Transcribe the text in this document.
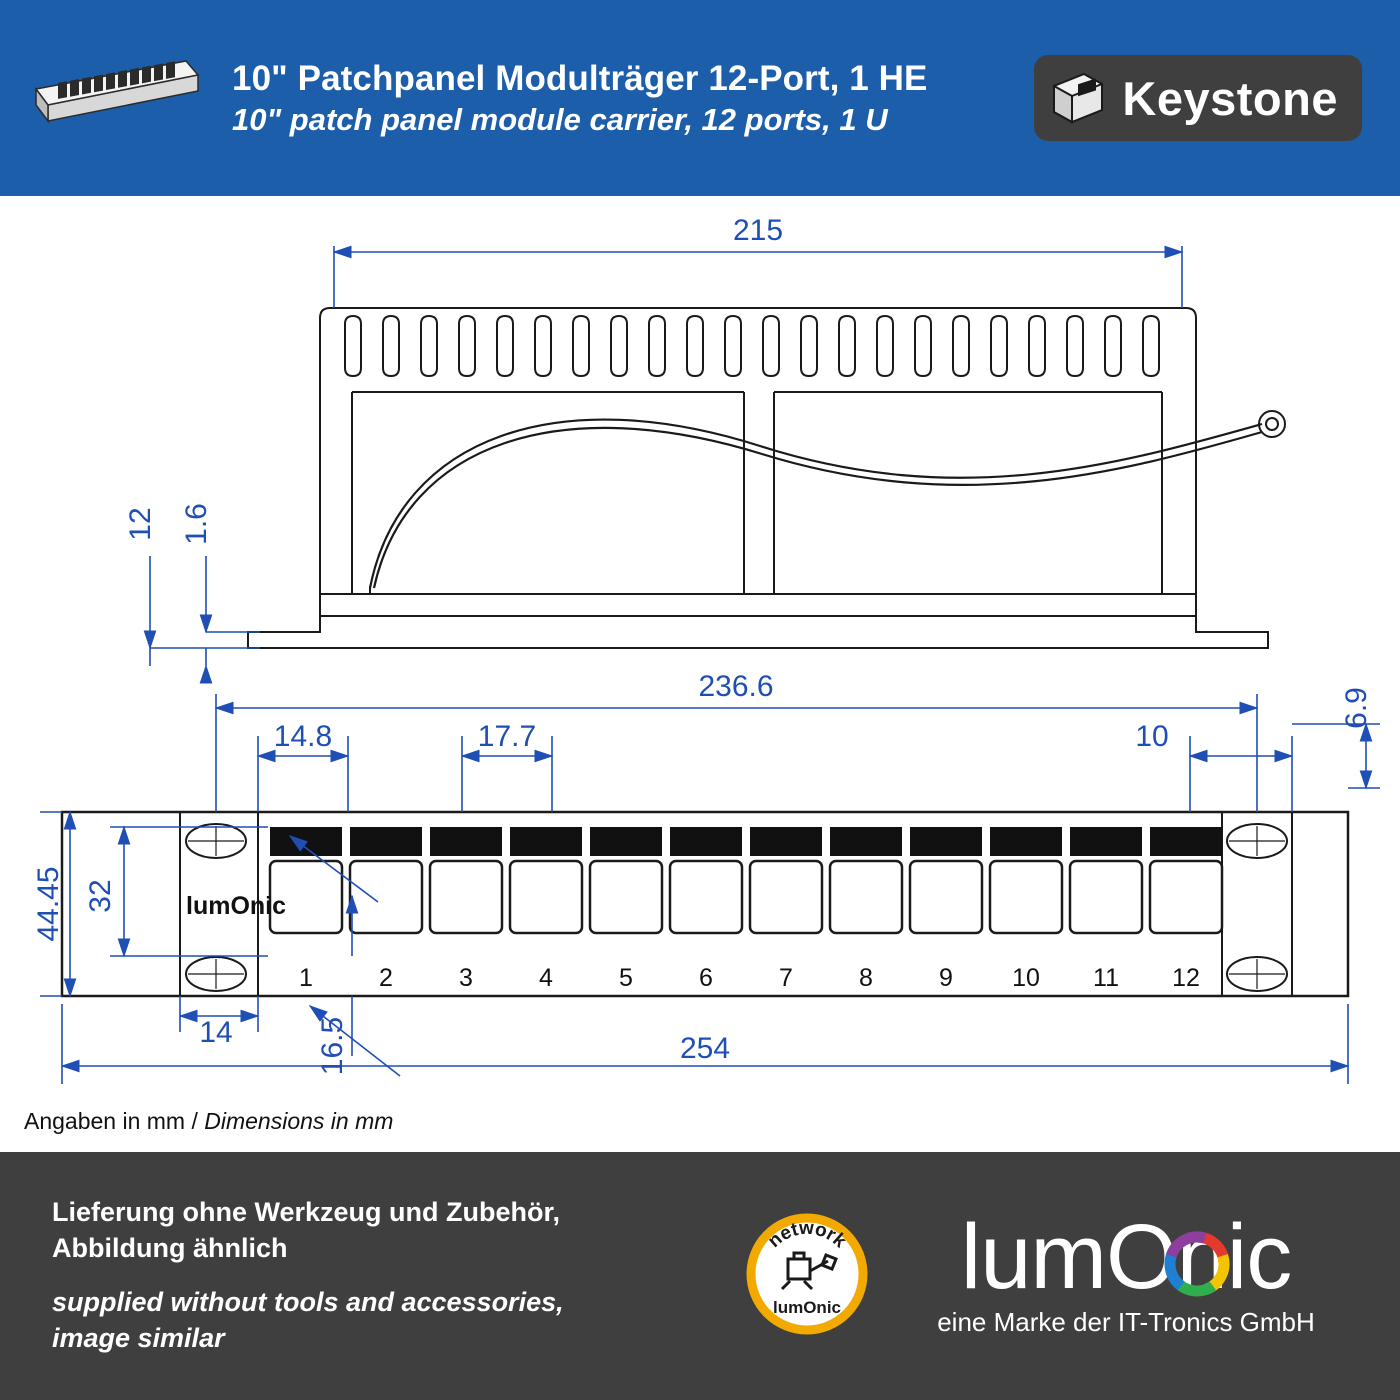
10" Patchpanel Modulträger 12-Port, 1 HE
10" patch panel module carrier, 12 ports, 1 U	Keystone
lumOnic
1	2	3	4	5	6	7	8	9 10 11 12
215
236.6
14.8	17.7	10
254
14
12 1.6
44.45 32
6.9
16.5
Angaben in mm / Dimensions in mm
Lieferung ohne Werkzeug und Zubehör,
Abbildung ähnlich
supplied without tools and accessories,
image similar
network
lumOnic	lumOnic
eine Marke der IT-Tronics GmbH
